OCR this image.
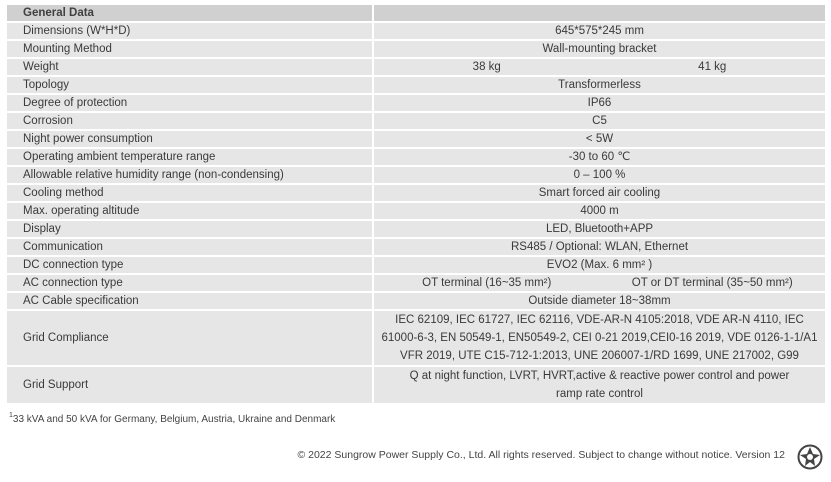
General Data	
Dimensions (W*H*D)	645*575*245 mm
Mounting Method	Wall-mounting bracket
Weight	38 kg 41 kg

Topology	Transformerless
Degree of protection	IP66
Corrosion	C5
Night power consumption	< 5W
Operating ambient temperature range	-30 to 60 ℃
Allowable relative humidity range (non-condensing)	0 – 100 %
Cooling method	Smart forced air cooling
Max. operating altitude	4000 m
Display	LED, Bluetooth+APP
Communication	RS485 / Optional: WLAN, Ethernet
DC connection type	EVO2 (Max. 6 mm² )
AC connection type	OT terminal (16~35 mm²) OT or DT terminal (35~50 mm²)

AC Cable specification	Outside diameter 18~38mm
Grid Compliance	IEC 62109, IEC 61727, IEC 62116, VDE-AR-N 4105:2018, VDE AR-N 4110, IEC
61000-6-3, EN 50549-1, EN50549-2, CEI 0-21 2019,CEI0-16 2019, VDE 0126-1-1/A1
VFR 2019, UTE C15-712-1:2013, UNE 206007-1/RD 1699, UNE 217002, G99

Grid Support	Q at night function, LVRT, HVRT,active & reactive power control and power
ramp rate control
$^1$33 kVA and 50 kVA for Germany, Belgium, Austria, Ukraine and Denmark
© 2022 Sungrow Power Supply Co., Ltd. All rights reserved. Subject to change without notice. Version 12
